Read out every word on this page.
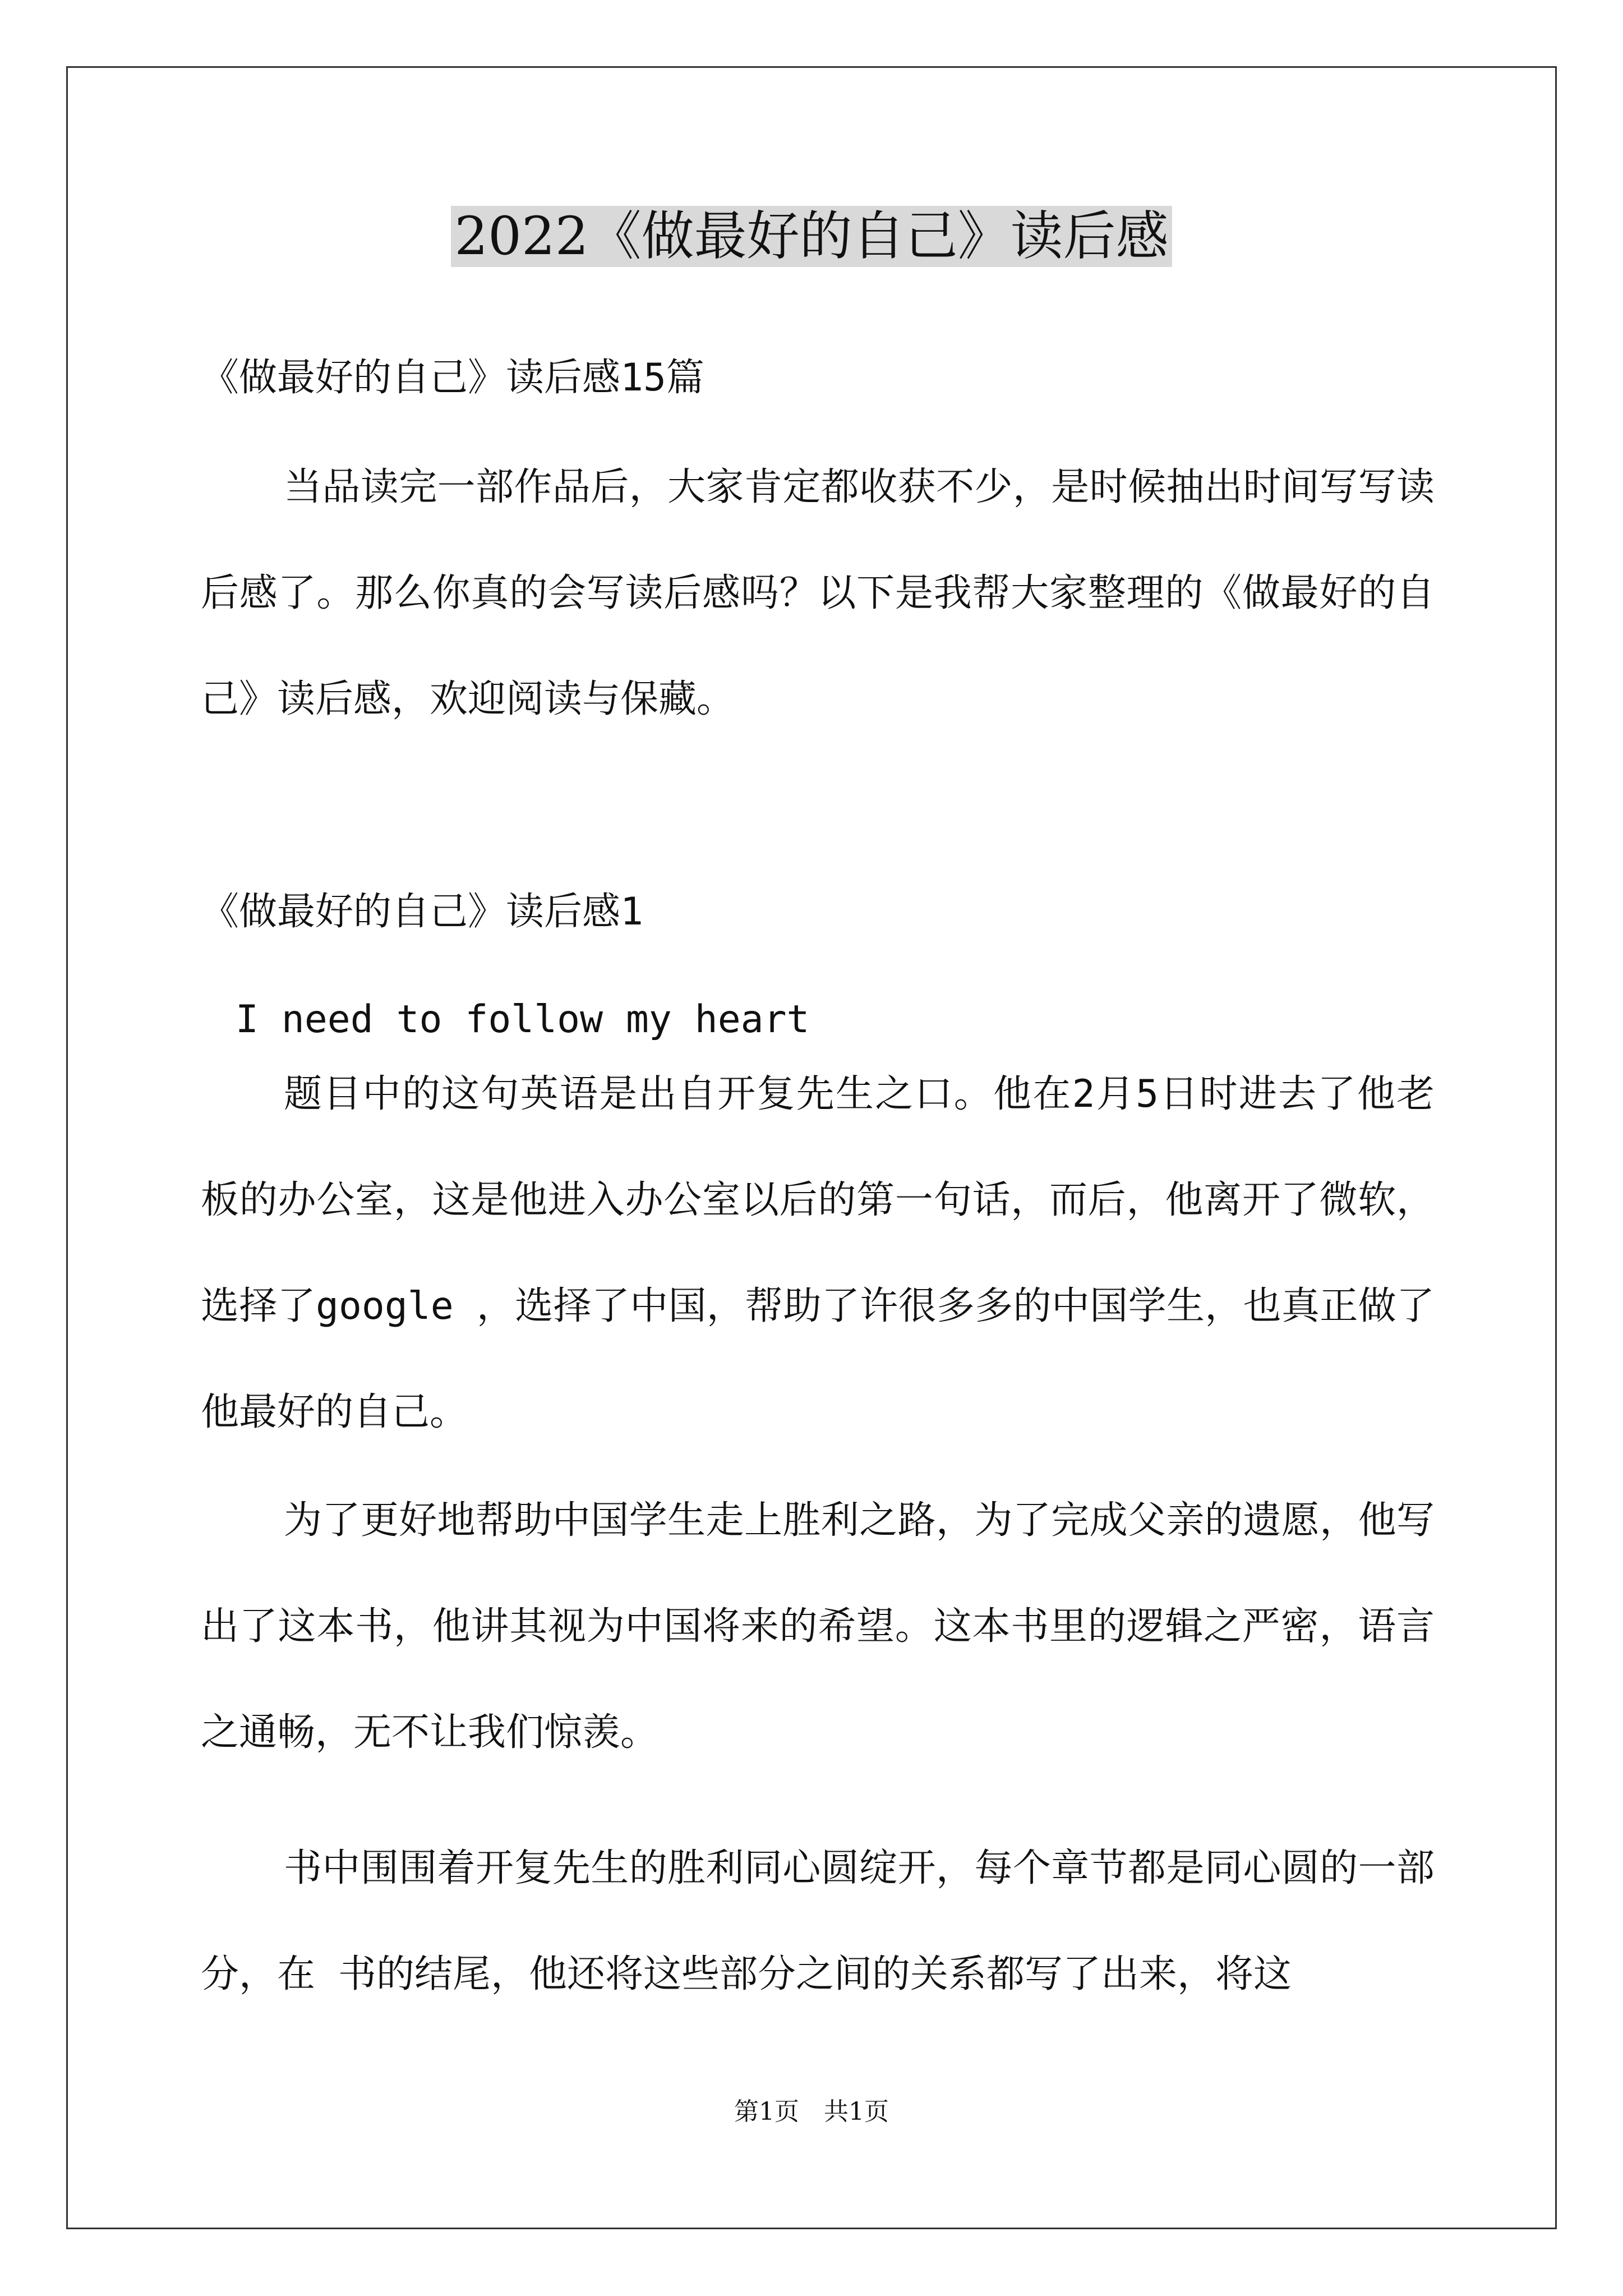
2022《做最好的自己》读后感
《做最好的自己》读后感15篇

当品读完一部作品后，大家肯定都收获不少，是时候抽出时间写写读后感了。那么你真的会写读后感吗？以下是我帮大家整理的《做最好的自己》读后感，欢迎阅读与保藏。

《做最好的自己》读后感1
I need to follow my heart

题目中的这句英语是出自开复先生之口。他在2月5日时进去了他老板的办公室，这是他进入办公室以后的第一句话，而后，他离开了微软，选择了google ，选择了中国，帮助了许很多多的中国学生，也真正做了他最好的自己。

为了更好地帮助中国学生走上胜利之路，为了完成父亲的遗愿，他写出了这本书，他讲其视为中国将来的希望。这本书里的逻辑之严密，语言之通畅，无不让我们惊羡。

书中围围着开复先生的胜利同心圆绽开，每个章节都是同心圆的一部分，在 书的结尾，他还将这些部分之间的关系都写了出来，将这

第1页　共1页
